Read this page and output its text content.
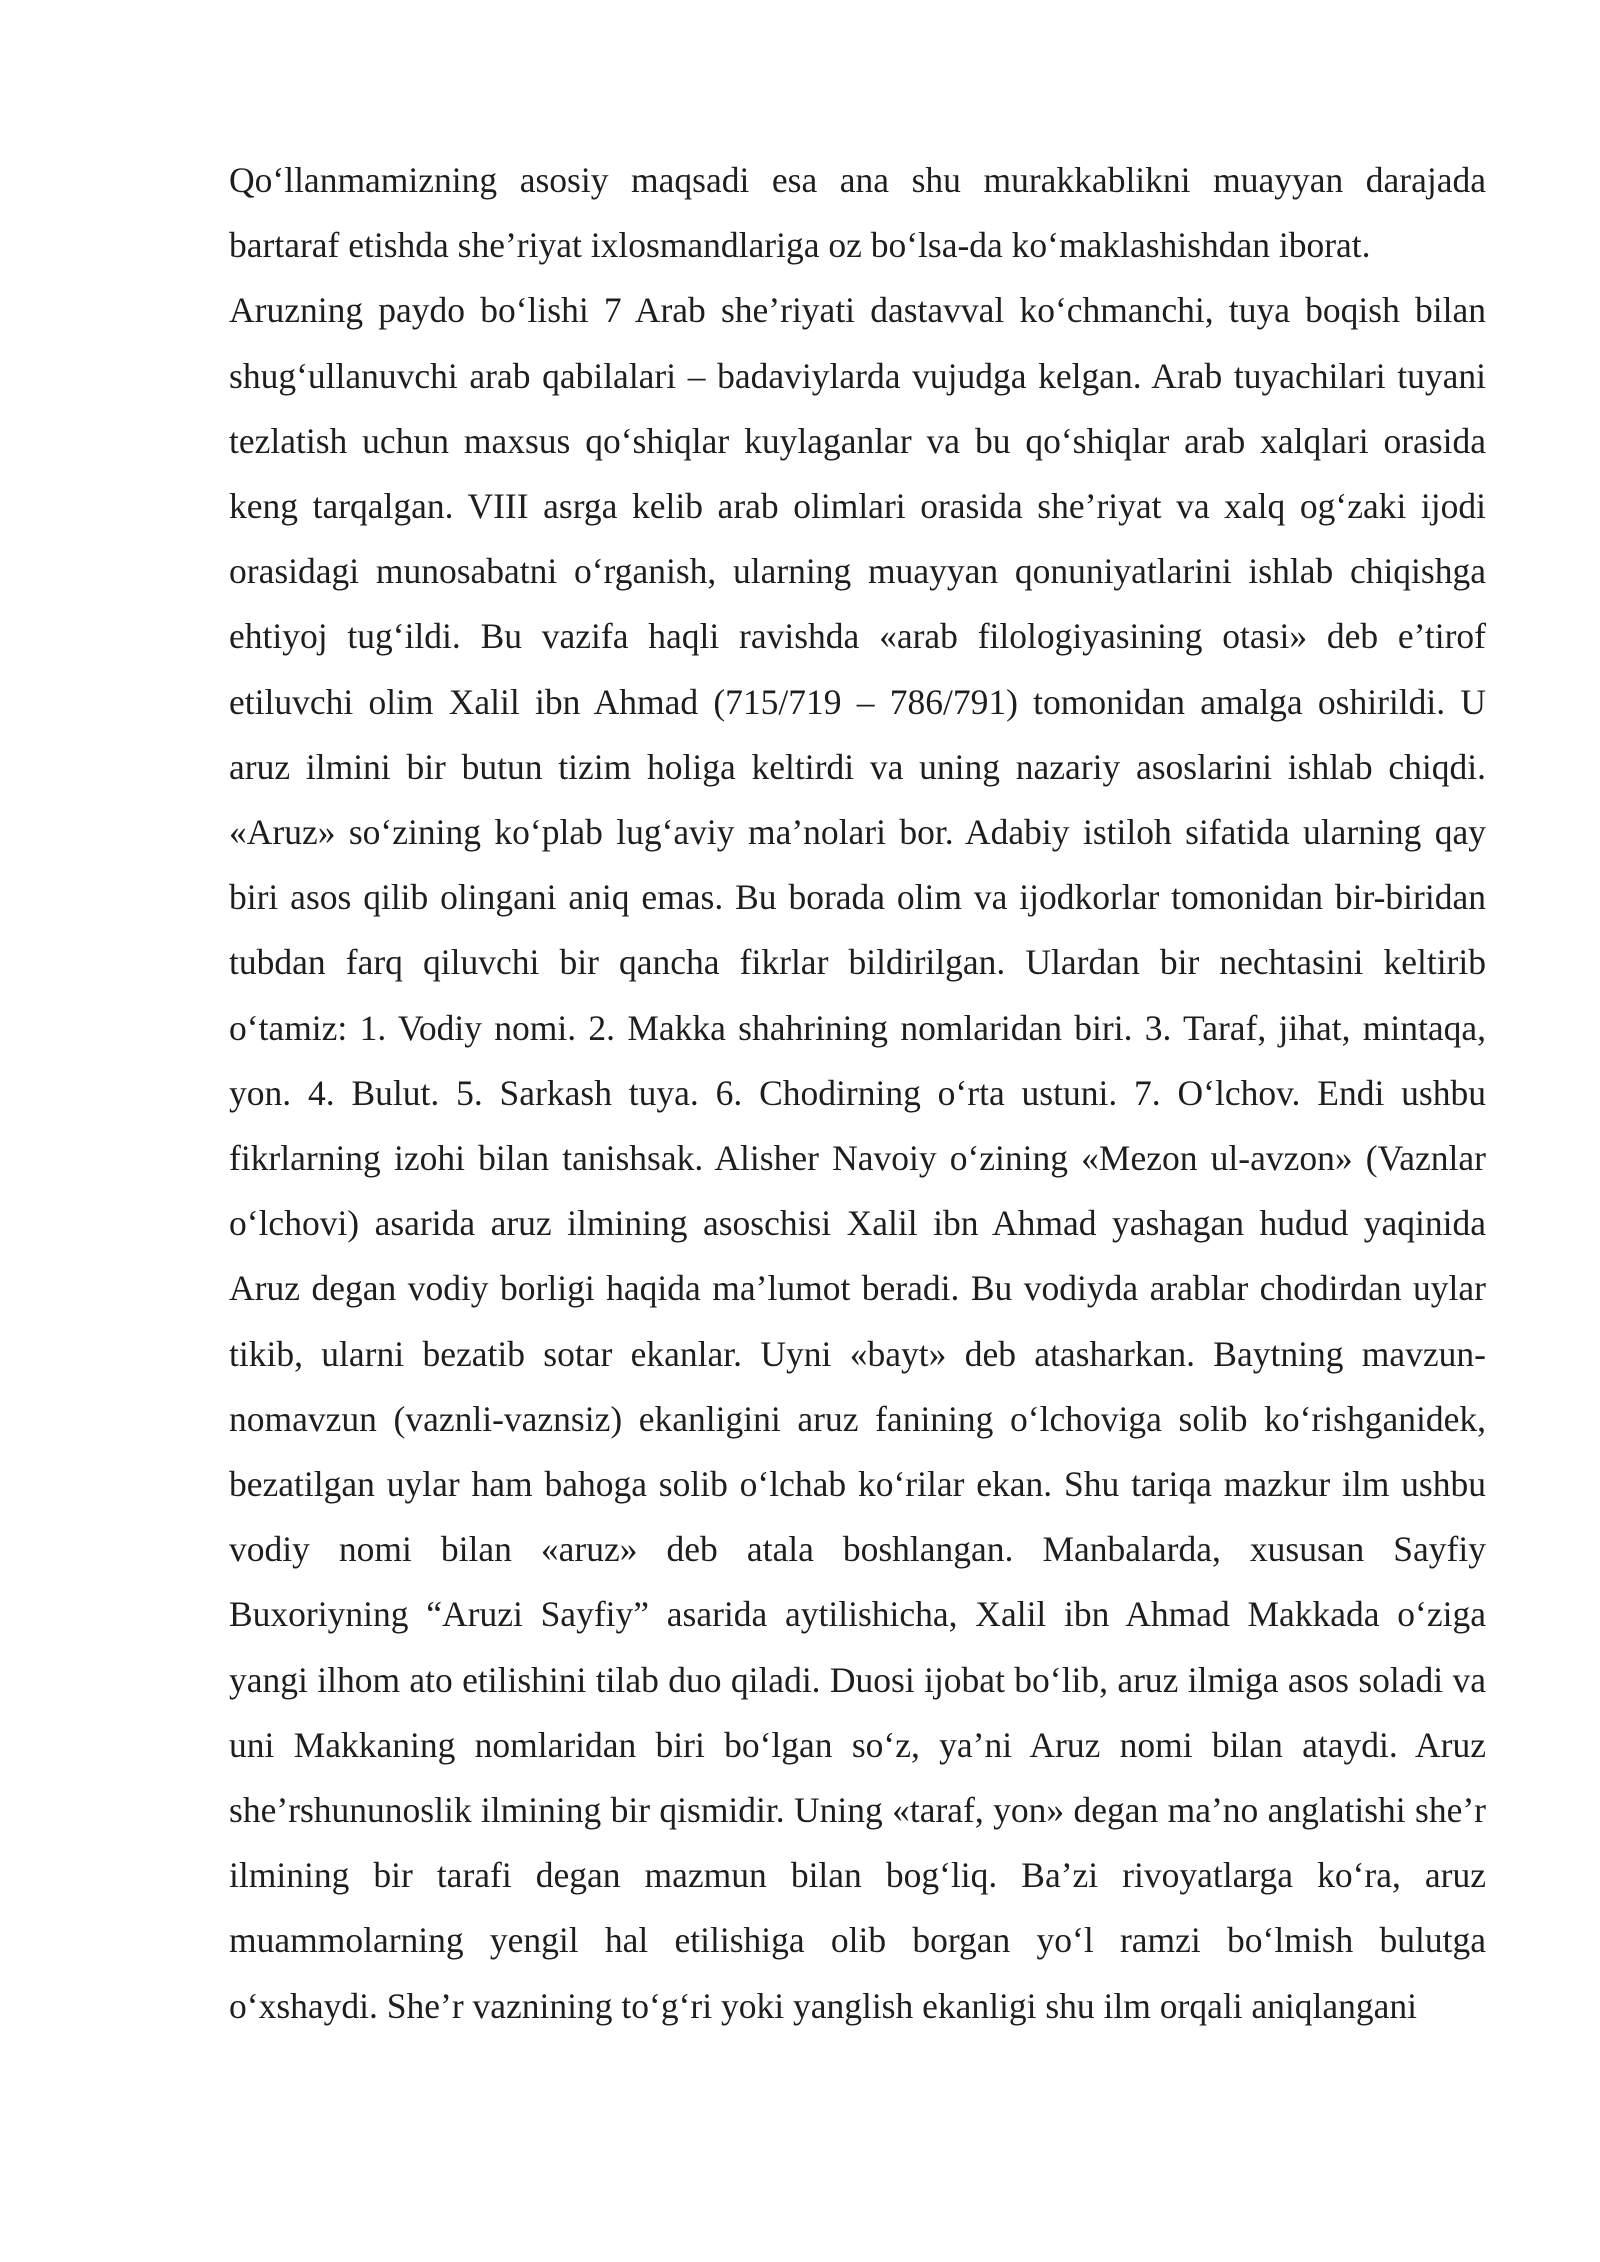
Qo‘llanmamizning asosiy maqsadi esa ana shu murakkablikni muayyan darajada bartaraf etishda she’riyat ixlosmandlariga oz bo‘lsa-da ko‘maklashishdan iborat.

Aruzning paydo bo‘lishi 7 Arab she’riyati dastavval ko‘chmanchi, tuya boqish bilan shug‘ullanuvchi arab qabilalari – badaviylarda vujudga kelgan. Arab tuyachilari tuyani tezlatish uchun maxsus qo‘shiqlar kuylaganlar va bu qo‘shiqlar arab xalqlari orasida keng tarqalgan. VIII asrga kelib arab olimlari orasida she’riyat va xalq og‘zaki ijodi orasidagi munosabatni o‘rganish, ularning muayyan qonuniyatlarini ishlab chiqishga ehtiyoj tug‘ildi. Bu vazifa haqli ravishda «arab filologiyasining otasi» deb e’tirof etiluvchi olim Xalil ibn Ahmad (715/719 – 786/791) tomonidan amalga oshirildi. U aruz ilmini bir butun tizim holiga keltirdi va uning nazariy asoslarini ishlab chiqdi. «Aruz» so‘zining ko‘plab lug‘aviy ma’nolari bor. Adabiy istiloh sifatida ularning qay biri asos qilib olingani aniq emas. Bu borada olim va ijodkorlar tomonidan bir-biridan tubdan farq qiluvchi bir qancha fikrlar bildirilgan. Ulardan bir nechtasini keltirib o‘tamiz: 1. Vodiy nomi. 2. Makka shahrining nomlaridan biri. 3. Taraf, jihat, mintaqa, yon. 4. Bulut. 5. Sarkash tuya. 6. Chodirning o‘rta ustuni. 7. O‘lchov. Endi ushbu fikrlarning izohi bilan tanishsak. Alisher Navoiy o‘zining «Mezon ul-avzon» (Vaznlar o‘lchovi) asarida aruz ilmining asoschisi Xalil ibn Ahmad yashagan hudud yaqinida Aruz degan vodiy borligi haqida ma’lumot beradi. Bu vodiyda arablar chodirdan uylar tikib, ularni bezatib sotar ekanlar. Uyni «bayt» deb atasharkan. Baytning mavzun-nomavzun (vaznli-vaznsiz) ekanligini aruz fanining o‘lchoviga solib ko‘rishganidek, bezatilgan uylar ham bahoga solib o‘lchab ko‘rilar ekan. Shu tariqa mazkur ilm ushbu vodiy nomi bilan «aruz» deb atala boshlangan. Manbalarda, xususan Sayfiy Buxoriyning “Aruzi Sayfiy” asarida aytilishicha, Xalil ibn Ahmad Makkada o‘ziga yangi ilhom ato etilishini tilab duo qiladi. Duosi ijobat bo‘lib, aruz ilmiga asos soladi va uni Makkaning nomlaridan biri bo‘lgan so‘z, ya’ni Aruz nomi bilan ataydi. Aruz she’rshununoslik ilmining bir qismidir. Uning «taraf, yon» degan ma’no anglatishi she’r ilmining bir tarafi degan mazmun bilan bog‘liq. Ba’zi rivoyatlarga ko‘ra, aruz muammolarning yengil hal etilishiga olib borgan yo‘l ramzi bo‘lmish bulutga o‘xshaydi. She’r vaznining to‘g‘ri yoki yanglish ekanligi shu ilm orqali aniqlangani
